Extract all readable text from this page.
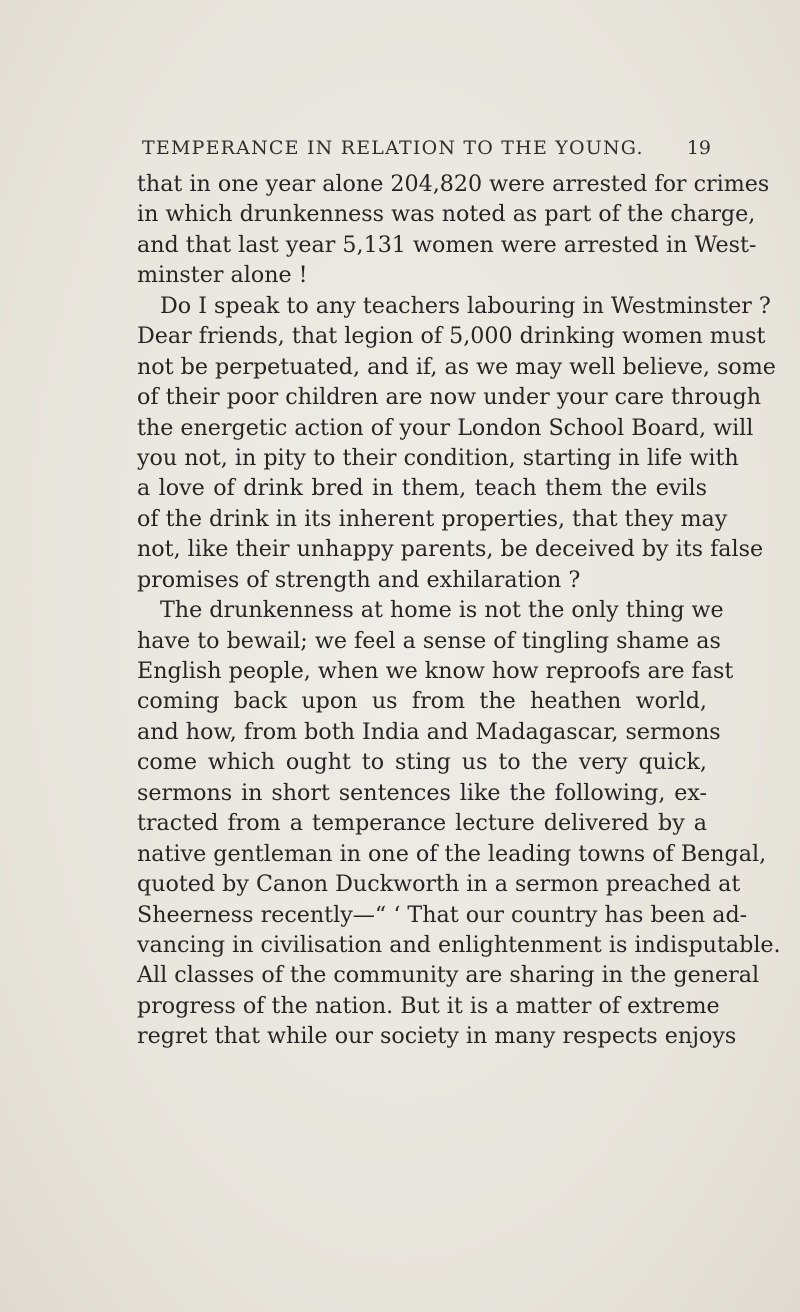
TEMPERANCE IN RELATION TO THE YOUNG. 19
that in one year alone 204,820 were arrested for crimes
in which drunkenness was noted as part of the charge,
and that last year 5,131 women were arrested in West-
minster alone !
Do I speak to any teachers labouring in Westminster ?
Dear friends, that legion of 5,000 drinking women must
not be perpetuated, and if, as we may well believe, some
of their poor children are now under your care through
the energetic action of your London School Board, will
you not, in pity to their condition, starting in life with
a love of drink bred in them, teach them the evils
of the drink in its inherent properties, that they may
not, like their unhappy parents, be deceived by its false
promises of strength and exhilaration ?
The drunkenness at home is not the only thing we
have to bewail; we feel a sense of tingling shame as
English people, when we know how reproofs are fast
coming back upon us from the heathen world,
and how, from both India and Madagascar, sermons
come which ought to sting us to the very quick,
sermons in short sentences like the following, ex-
tracted from a temperance lecture delivered by a
native gentleman in one of the leading towns of Bengal,
quoted by Canon Duckworth in a sermon preached at
Sheerness recently—“ ‘ That our country has been ad-
vancing in civilisation and enlightenment is indisputable.
All classes of the community are sharing in the general
progress of the nation. But it is a matter of extreme
regret that while our society in many respects enjoys
